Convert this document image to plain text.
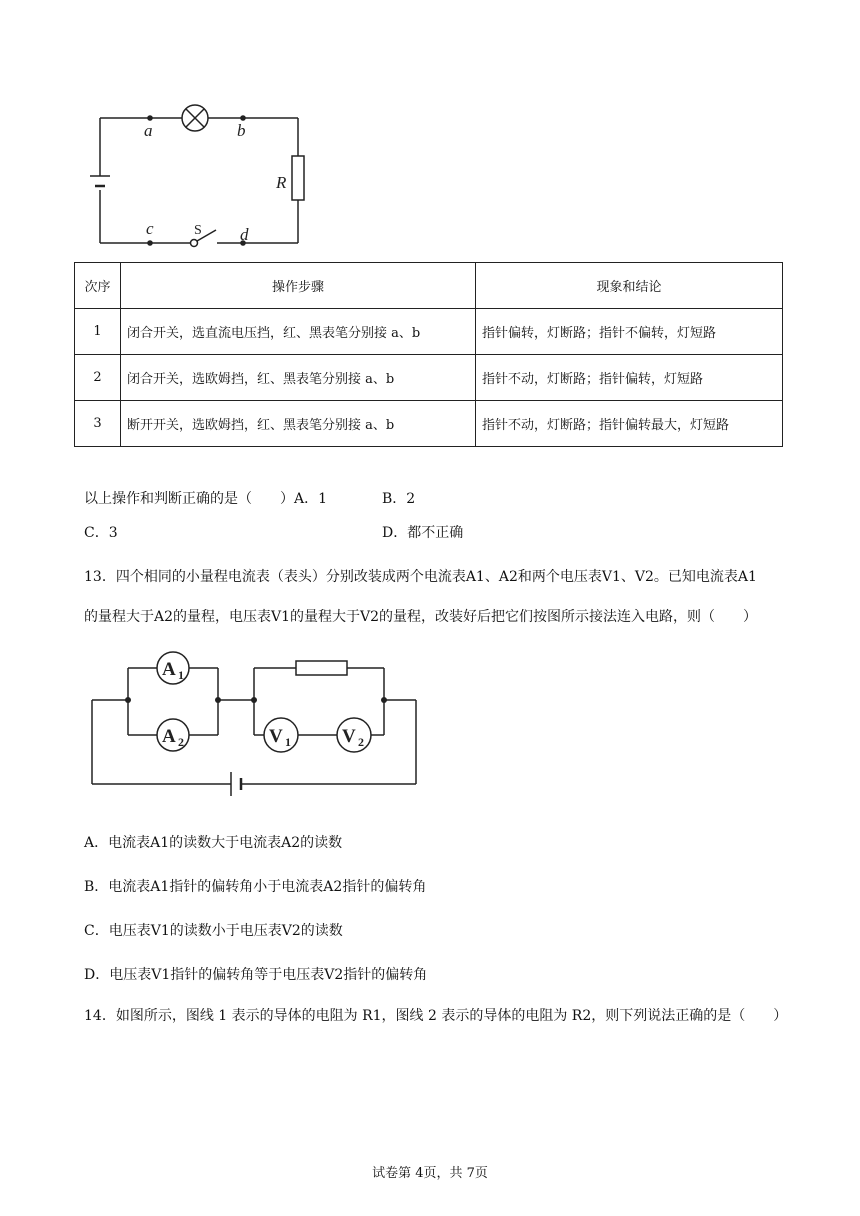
a	b
c	d
R
S
次序	操作步骤	现象和结论
1	闭合开关，选直流电压挡，红、黑表笔分别接 a、b	指针偏转，灯断路；指针不偏转，灯短路
2	闭合开关，选欧姆挡，红、黑表笔分别接 a、b	指针不动，灯断路；指针偏转，灯短路
3	断开开关，选欧姆挡，红、黑表笔分别接 a、b	指针不动，灯断路；指针偏转最大，灯短路
以上操作和判断正确的是（　　）A．1	B．2
C．3	D．都不正确
13．四个相同的小量程电流表（表头）分别改装成两个电流表A1、A2和两个电压表V1、V2。已知电流表A1
的量程大于A2的量程，电压表V1的量程大于V2的量程，改装好后把它们按图所示接法连入电路，则（　　）
A 1
A 2	V 1	V 2
A．电流表A1的读数大于电流表A2的读数
B．电流表A1指针的偏转角小于电流表A2指针的偏转角
C．电压表V1的读数小于电压表V2的读数
D．电压表V1指针的偏转角等于电压表V2指针的偏转角
14．如图所示，图线 1 表示的导体的电阻为 R1，图线 2 表示的导体的电阻为 R2，则下列说法正确的是（　　）
试卷第 4页，共 7页
